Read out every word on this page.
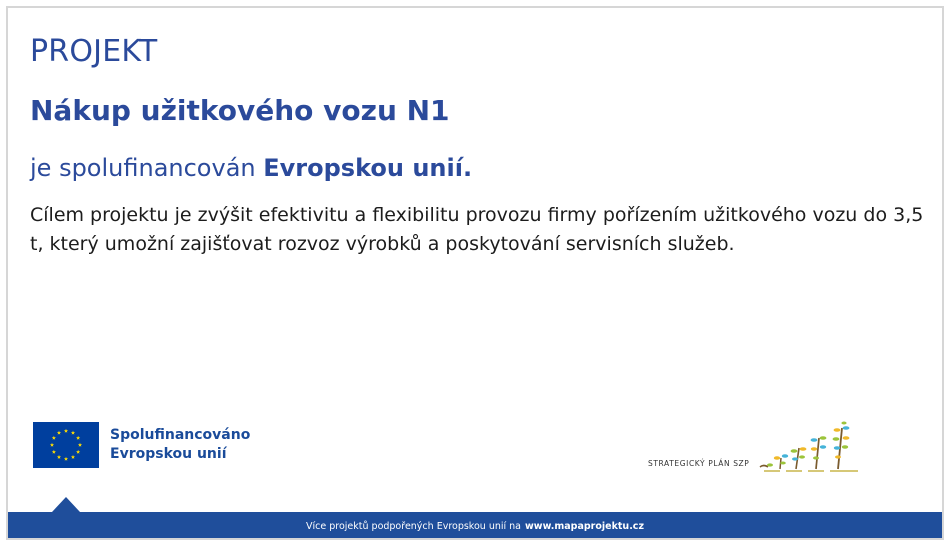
PROJEKT
Nákup užitkového vozu N1
je spolufinancován Evropskou unií.
Cílem projektu je zvýšit efektivitu a flexibilitu provozu firmy pořízením užitkového vozu do 3,5 t, který umožní zajišťovat rozvoz výrobků a poskytování servisních služeb.
Spolufinancováno
Evropskou unií
STRATEGICKÝ PLÁN SZP
Více projektů podpořených Evropskou unií na www.mapaprojektu.cz
